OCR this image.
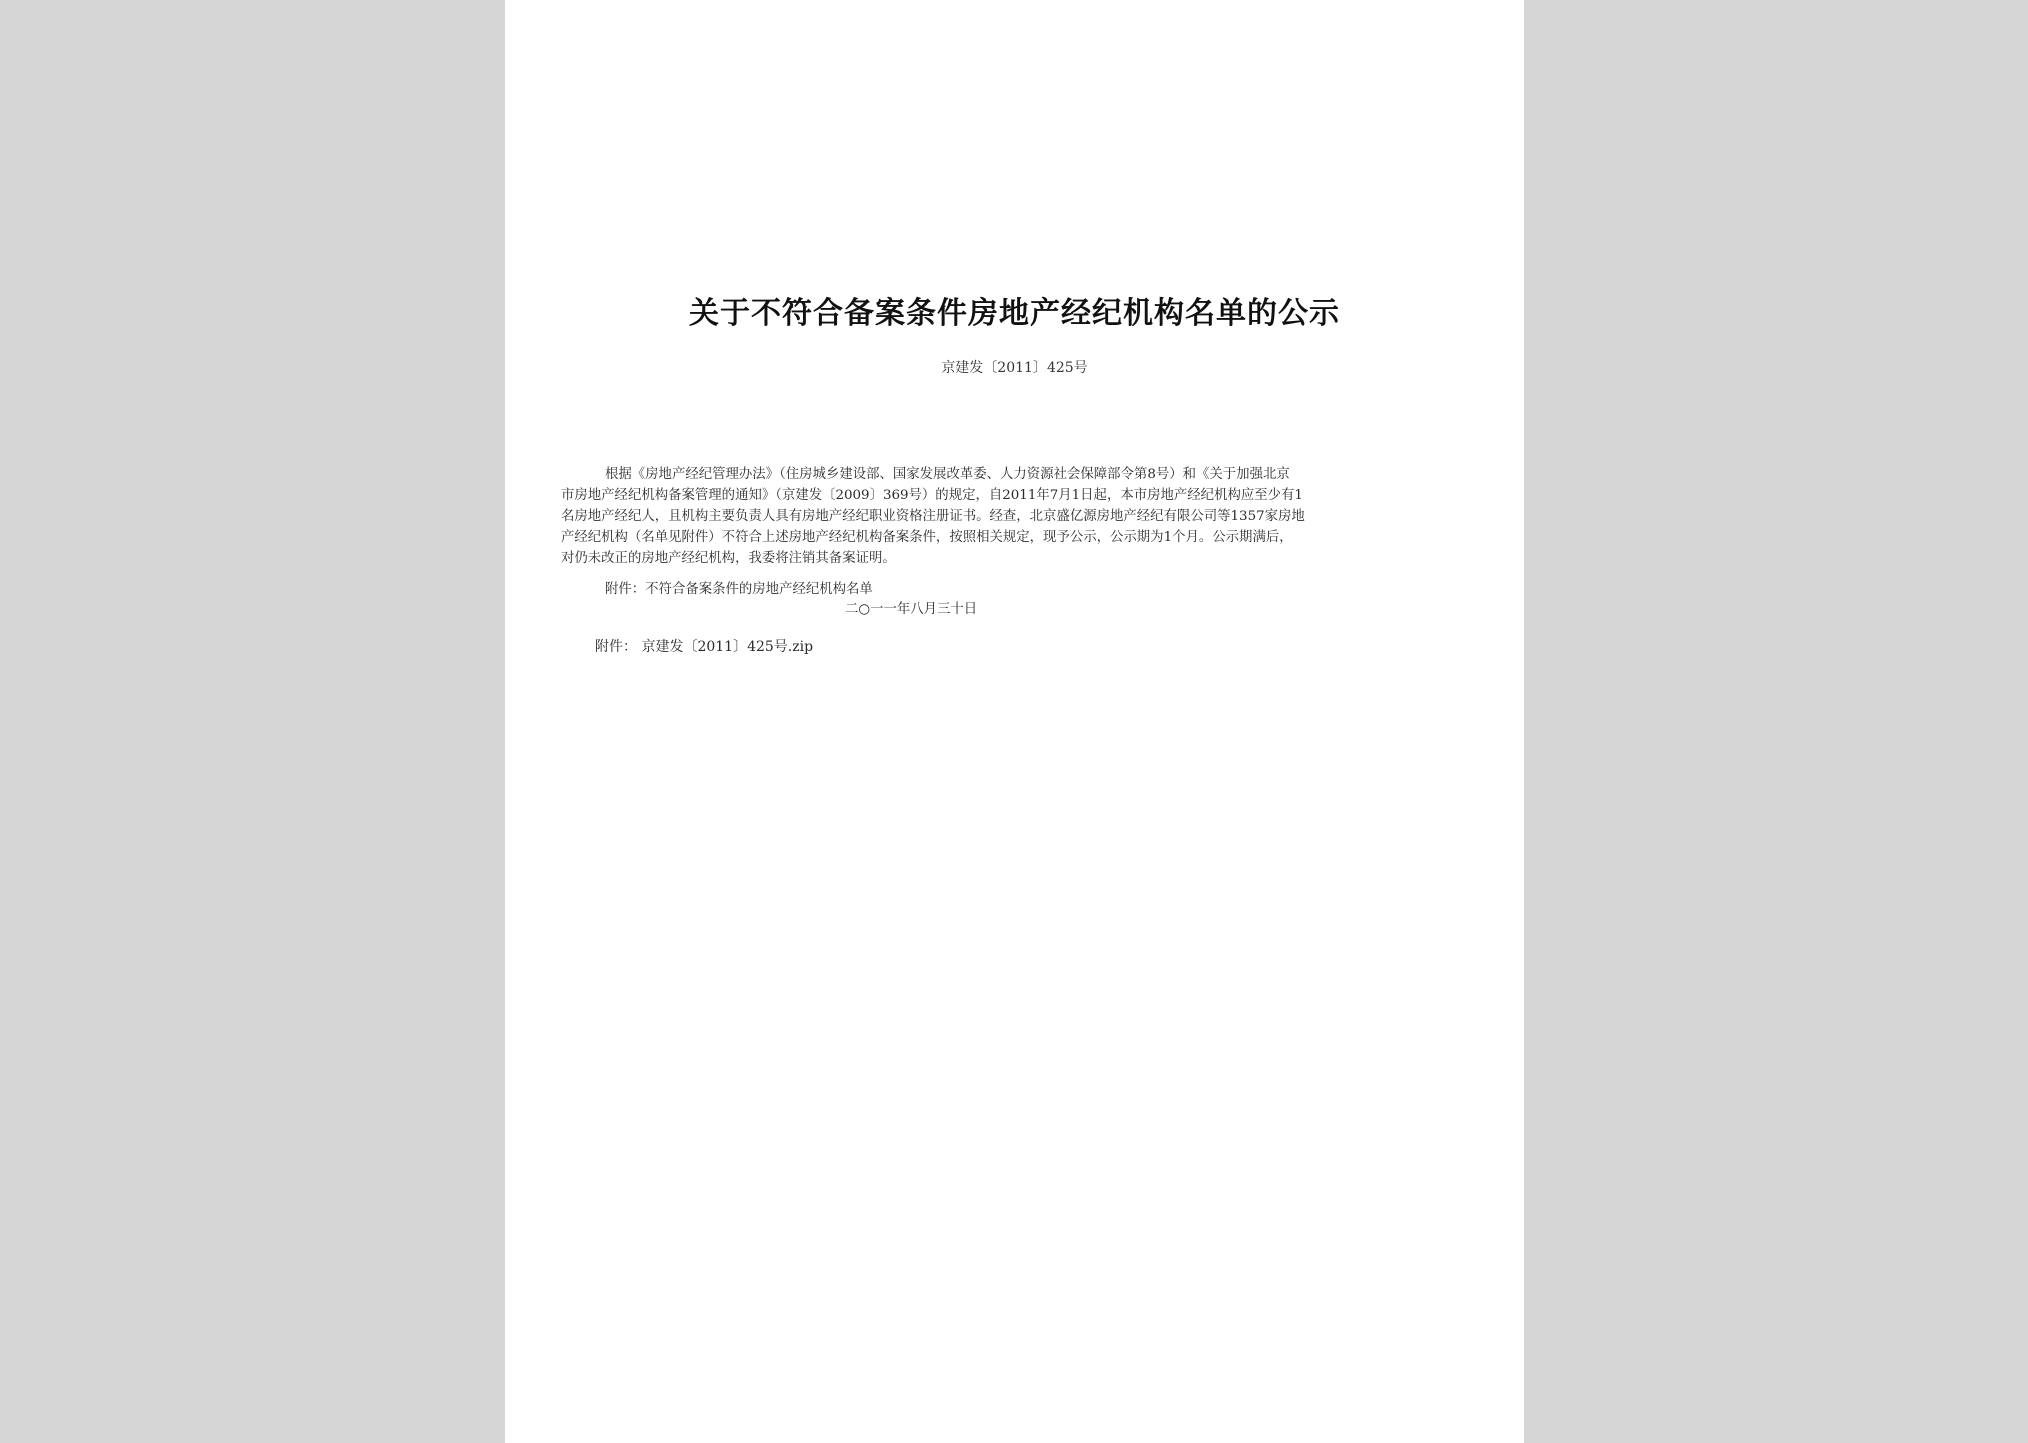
关于不符合备案条件房地产经纪机构名单的公示
京建发〔2011〕425号
根据《房地产经纪管理办法》（住房城乡建设部、国家发展改革委、人力资源社会保障部令第8号）和《关于加强北京
市房地产经纪机构备案管理的通知》（京建发〔2009〕369号）的规定，自2011年7月1日起，本市房地产经纪机构应至少有1
名房地产经纪人，且机构主要负责人具有房地产经纪职业资格注册证书。经查，北京盛亿源房地产经纪有限公司等1357家房地
产经纪机构（名单见附件）不符合上述房地产经纪机构备案条件，按照相关规定，现予公示，公示期为1个月。公示期满后，
对仍未改正的房地产经纪机构，我委将注销其备案证明。
附件：不符合备案条件的房地产经纪机构名单
二○一一年八月三十日
附件： 京建发〔2011〕425号.zip
